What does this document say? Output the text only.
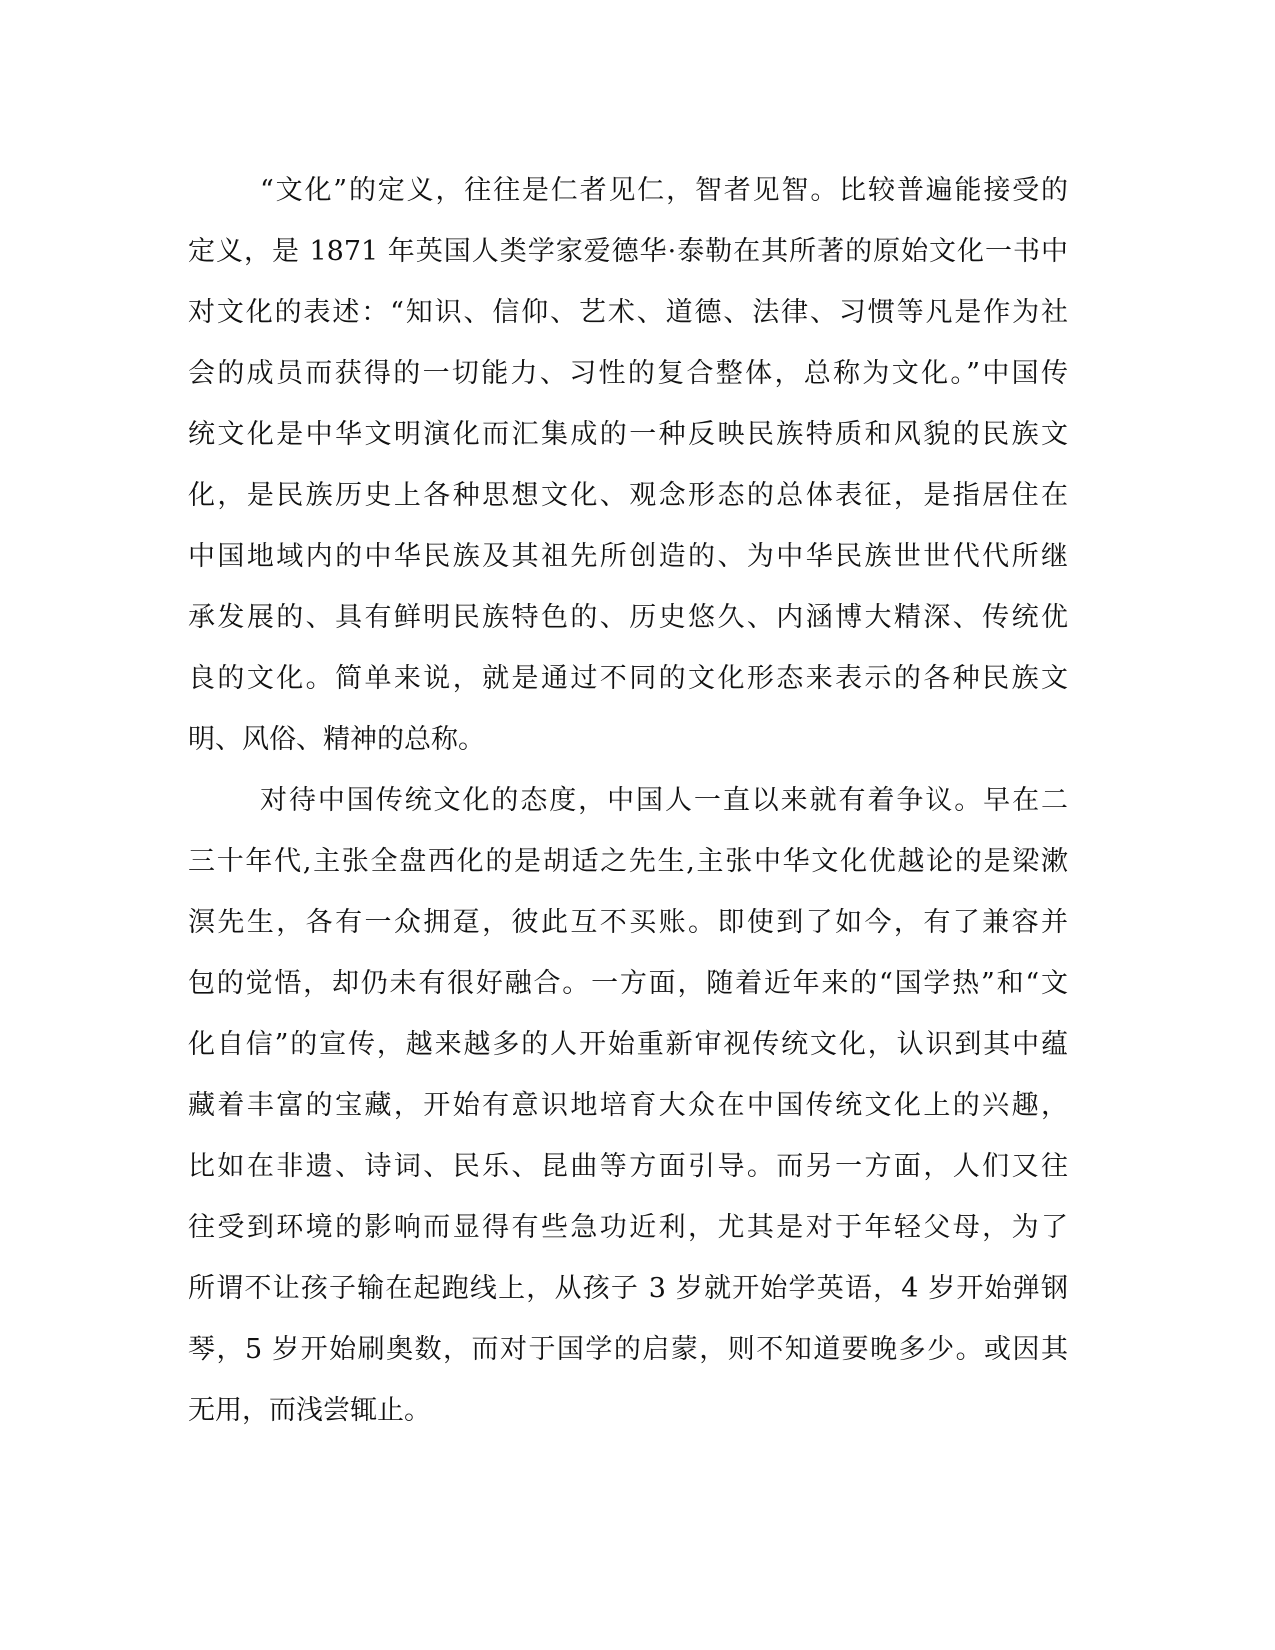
“文化”的定义，往往是仁者见仁，智者见智。比较普遍能接受的
定义，是 1871 年英国人类学家爱德华·泰勒在其所著的原始文化一书中
对文化的表述：“知识、信仰、艺术、道德、法律、习惯等凡是作为社
会的成员而获得的一切能力、习性的复合整体，总称为文化。”中国传
统文化是中华文明演化而汇集成的一种反映民族特质和风貌的民族文
化，是民族历史上各种思想文化、观念形态的总体表征，是指居住在
中国地域内的中华民族及其祖先所创造的、为中华民族世世代代所继
承发展的、具有鲜明民族特色的、历史悠久、内涵博大精深、传统优
良的文化。简单来说，就是通过不同的文化形态来表示的各种民族文
明、风俗、精神的总称。
对待中国传统文化的态度，中国人一直以来就有着争议。早在二
三十年代,主张全盘西化的是胡适之先生,主张中华文化优越论的是梁漱
溟先生，各有一众拥趸，彼此互不买账。即使到了如今，有了兼容并
包的觉悟，却仍未有很好融合。一方面，随着近年来的“国学热”和“文
化自信”的宣传，越来越多的人开始重新审视传统文化，认识到其中蕴
藏着丰富的宝藏，开始有意识地培育大众在中国传统文化上的兴趣，
比如在非遗、诗词、民乐、昆曲等方面引导。而另一方面，人们又往
往受到环境的影响而显得有些急功近利，尤其是对于年轻父母，为了
所谓不让孩子输在起跑线上，从孩子 3 岁就开始学英语，4 岁开始弹钢
琴，5 岁开始刷奥数，而对于国学的启蒙，则不知道要晚多少。或因其
无用，而浅尝辄止。
